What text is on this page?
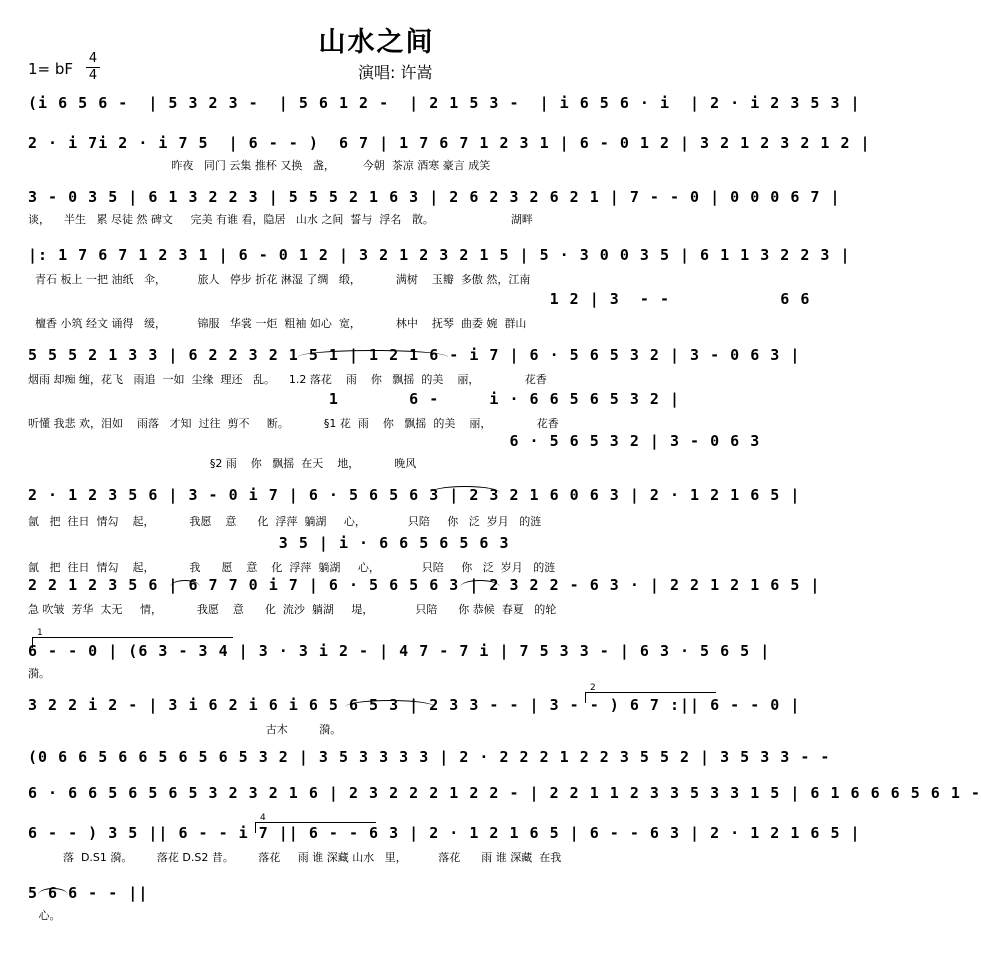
山水之间
1= bF
4
4	演唱: 许嵩
(i 6 5 6 -  | 5 3 2 3 -  | 5 6 1 2 -  | 2 1 5 3 -  | i 6 5 6 · i  | 2 · i 2 3 5 3 |
2 · i 7i 2 · i 7 5  | 6 - - )  6 7 | 1 7 6 7 1 2 3 1 | 6 - 0 1 2 | 3 2 1 2 3 2 1 2 |
昨夜   同门 云集 推杯 又换   盏，        今朝  茶凉 酒寒 豪言 成笑
3 - 0 3 5 | 6 1 3 2 2 3 | 5 5 5 2 1 6 3 | 2 6 2 3 2 6 2 1 | 7 - - 0 | 0 0 0 6 7 |
谈，    半生   累 尽徒 然 碑文     完美 有谁 看，隐居   山水 之间  誓与  浮名   散。                      湖畔
|: 1 7 6 7 1 2 3 1 | 6 - 0 1 2 | 3 2 1 2 3 2 1 5 | 5 · 3 0 0 3 5 | 6 1 1 3 2 2 3 |
青石 板上 一把 油纸   伞，         旅人   停步 折花 淋湿 了绸   缎，          满树    玉瓣  多傲 然，江南
1 2 | 3  - -           6 6
檀香 小筑 经文 诵得   缓，         锦服   华裳 一炬  粗袖 如心  宽，          林中    抚琴  曲委 婉  群山
5 5 5 2 1 3 3 | 6 2 2 3 2 1 5 1 | 1 2 1 6 - i 7 | 6 · 5 6 5 3 2 | 3 - 0 6 3 |
烟雨 却痴 缠，花飞   雨追  一如  尘缘  理还   乱。    1.2 落花    雨    你   飘摇  的美    丽，             花香
1       6 -     i · 6 6 5 6 5 3 2 |
听懂 我悲 欢，泪如    雨落   才知  过往  剪不     断。          §1 花  雨    你   飘摇  的美    丽，             花香
6 · 5 6 5 3 2 | 3 - 0 6 3
§2 雨    你   飘摇  在天    地，          晚风
2 · 1 2 3 5 6 | 3 - 0 i 7 | 6 · 5 6 5 6 3 | 2 3 2 1 6 0 6 3 | 2 · 1 2 1 6 5 |
氤   把  往日  情勾    起，          我愿    意      化  浮萍  躺湖     心，            只陪     你   泛  岁月   的涟
3 5 | i · 6 6 5 6 5 6 3
氤   把  往日  情勾    起，          我      愿    意    化  浮萍  躺湖     心，            只陪     你   泛  岁月   的涟
2 2 1 2 3 5 6 | 6 7 7 0 i 7 | 6 · 5 6 5 6 3 | 2 3 2 2 - 6 3 · | 2 2 1 2 1 6 5 |
急 吹皱  芳华  太无     情，          我愿    意      化  流沙  躺湖     堤，            只陪      你 恭候  春夏   的轮
6 - - 0 | (6 3 - 3 4 | 3 · 3 i 2 - | 4 7 - 7 i | 7 5 3 3 - | 6 3 · 5 6 5 |
漪。
3 2 2 i 2 - | 3 i 6 2 i 6 i 6 5 6 5 3 | 2 3 3 - - | 3 - - ) 6 7 :|| 6 - - 0 |
古木         漪。
(0 6 6 5 6 6 5 6 5 6 5 3 2 | 3 5 3 3 3 3 | 2 · 2 2 2 1 2 2 3 5 5 2 | 3 5 3 3 - -
6 · 6 6 5 6 5 6 5 3 2 3 2 1 6 | 2 3 2 2 2 1 2 2 - | 2 2 1 1 2 3 3 5 3 3 1 5 | 6 1 6 6 6 5 6 1 -
6 - - ) 3 5 || 6 - - i 7 || 6 - - 6 3 | 2 · 1 2 1 6 5 | 6 - - 6 3 | 2 · 1 2 1 6 5 |
落  D.S1 漪。       落花 D.S2 昔。       落花     雨 谁 深藏 山水   里，         落花      雨 谁 深藏  在我
5 6 6 - - ||
心。
1
2
4
